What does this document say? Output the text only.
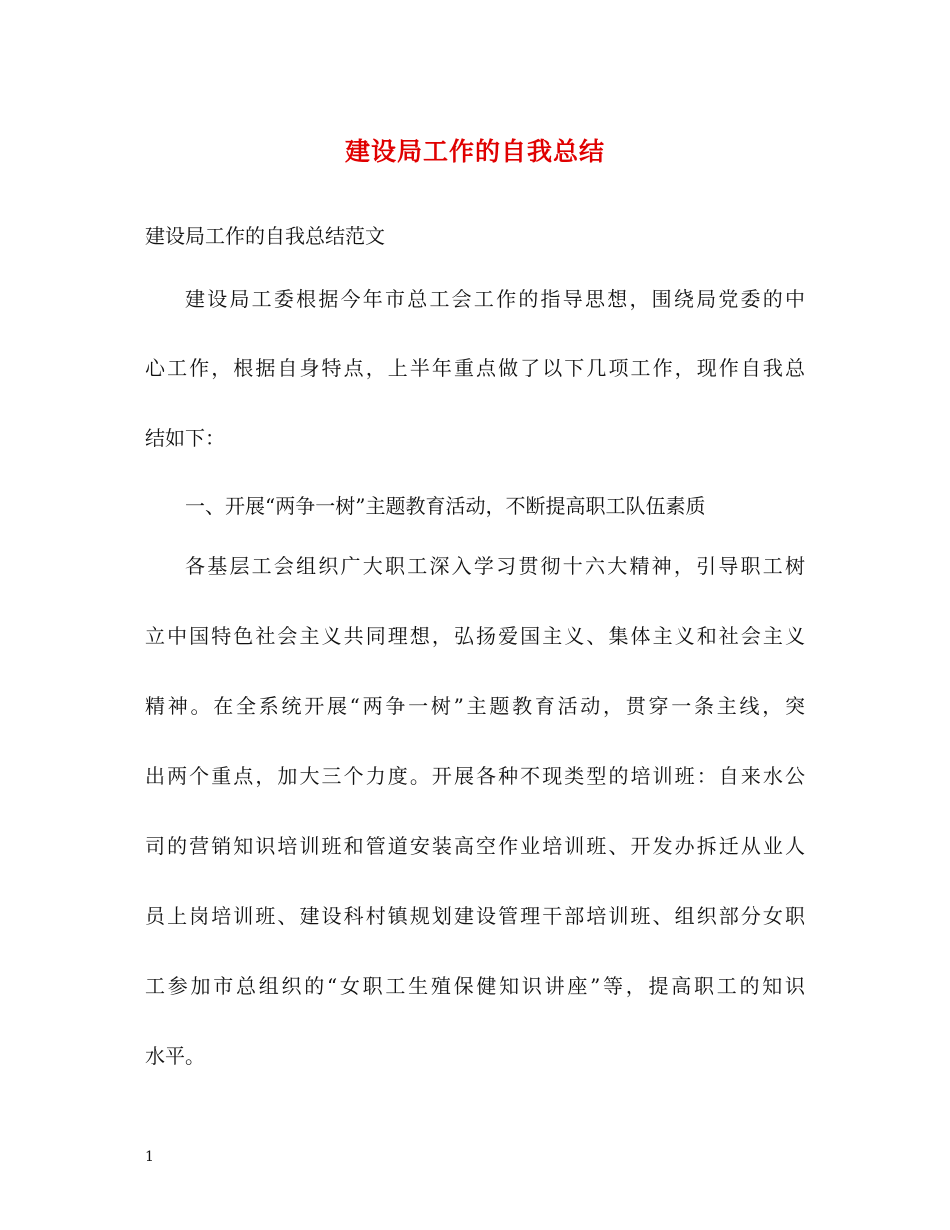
建设局工作的自我总结
建设局工作的自我总结范文
建设局工委根据今年市总工会工作的指导思想，围绕局党委的中
心工作，根据自身特点，上半年重点做了以下几项工作，现作自我总
结如下：
一、开展“两争一树”主题教育活动，不断提高职工队伍素质
各基层工会组织广大职工深入学习贯彻十六大精神，引导职工树
立中国特色社会主义共同理想，弘扬爱国主义、集体主义和社会主义
精神。在全系统开展“两争一树”主题教育活动，贯穿一条主线，突
出两个重点，加大三个力度。开展各种不现类型的培训班：自来水公
司的营销知识培训班和管道安装高空作业培训班、开发办拆迁从业人
员上岗培训班、建设科村镇规划建设管理干部培训班、组织部分女职
工参加市总组织的“女职工生殖保健知识讲座”等，提高职工的知识
水平。
1
